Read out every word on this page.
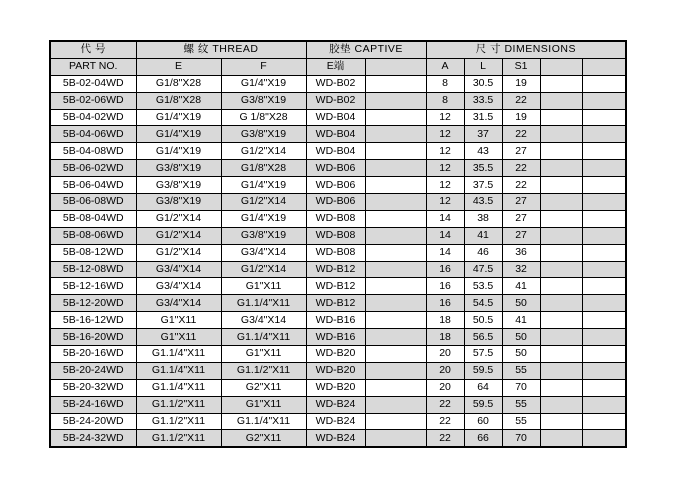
代 号	螺 纹 THREAD		胶垫 CAPTIVE		尺 寸 DIMENSIONS				
PART NO.	E	F	E端		A	L	S1		
5B-02-04WD	G1/8"X28	G1/4"X19	WD-B02		8	30.5	19		
5B-02-06WD	G1/8"X28	G3/8"X19	WD-B02		8	33.5	22		
5B-04-02WD	G1/4"X19	G 1/8"X28	WD-B04		12	31.5	19		
5B-04-06WD	G1/4"X19	G3/8"X19	WD-B04		12	37	22		
5B-04-08WD	G1/4"X19	G1/2"X14	WD-B04		12	43	27		
5B-06-02WD	G3/8"X19	G1/8"X28	WD-B06		12	35.5	22		
5B-06-04WD	G3/8"X19	G1/4"X19	WD-B06		12	37.5	22		
5B-06-08WD	G3/8"X19	G1/2"X14	WD-B06		12	43.5	27		
5B-08-04WD	G1/2"X14	G1/4"X19	WD-B08		14	38	27		
5B-08-06WD	G1/2"X14	G3/8"X19	WD-B08		14	41	27		
5B-08-12WD	G1/2"X14	G3/4"X14	WD-B08		14	46	36		
5B-12-08WD	G3/4"X14	G1/2"X14	WD-B12		16	47.5	32		
5B-12-16WD	G3/4"X14	G1"X11	WD-B12		16	53.5	41		
5B-12-20WD	G3/4"X14	G1.1/4"X11	WD-B12		16	54.5	50		
5B-16-12WD	G1"X11	G3/4"X14	WD-B16		18	50.5	41		
5B-16-20WD	G1"X11	G1.1/4"X11	WD-B16		18	56.5	50		
5B-20-16WD	G1.1/4"X11	G1"X11	WD-B20		20	57.5	50		
5B-20-24WD	G1.1/4"X11	G1.1/2"X11	WD-B20		20	59.5	55		
5B-20-32WD	G1.1/4"X11	G2"X11	WD-B20		20	64	70		
5B-24-16WD	G1.1/2"X11	G1"X11	WD-B24		22	59.5	55		
5B-24-20WD	G1.1/2"X11	G1.1/4"X11	WD-B24		22	60	55		
5B-24-32WD	G1.1/2"X11	G2"X11	WD-B24		22	66	70		
